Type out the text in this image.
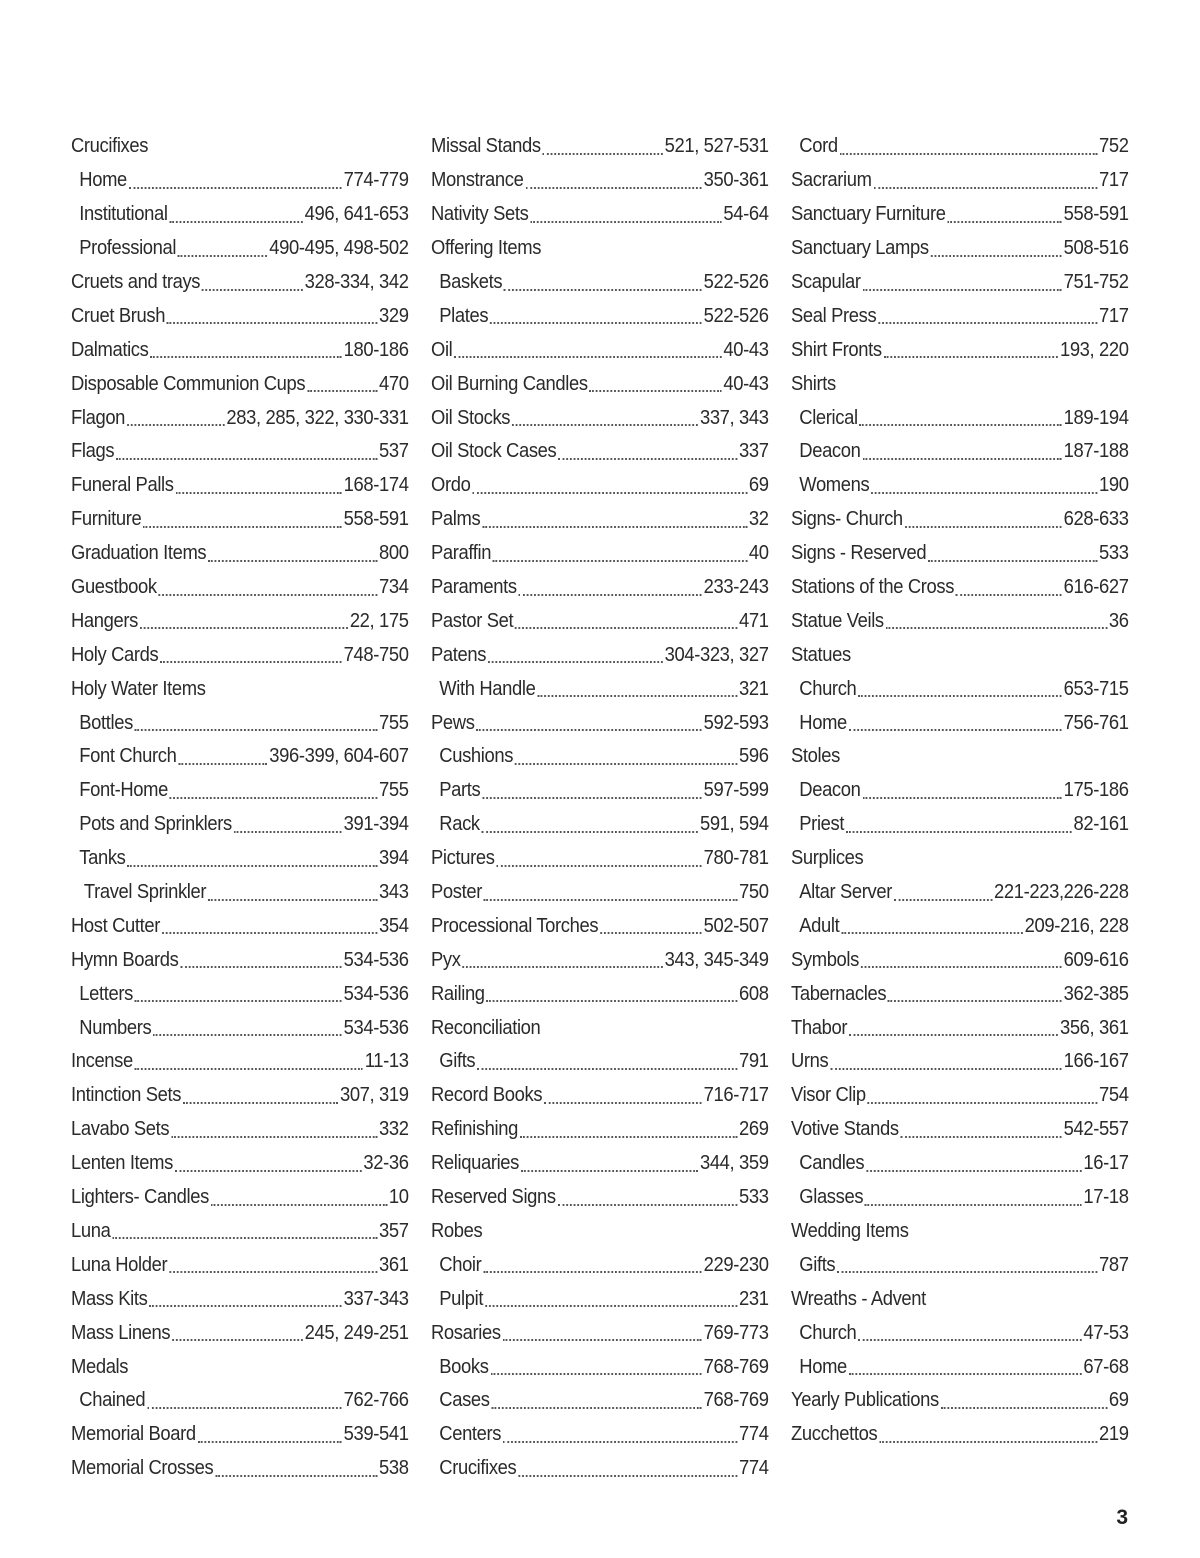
Crucifixes
Home	774-779
Institutional	496, 641-653
Professional	490-495, 498-502
Cruets and trays	328-334, 342
Cruet Brush	329
Dalmatics	180-186
Disposable Communion Cups	470
Flagon	283, 285, 322, 330-331
Flags	537
Funeral Palls	168-174
Furniture	558-591
Graduation Items	800
Guestbook	734
Hangers	22, 175
Holy Cards	748-750
Holy Water Items
Bottles	755
Font Church	396-399, 604-607
Font-Home	755
Pots and Sprinklers	391-394
Tanks	394
Travel Sprinkler	343
Host Cutter	354
Hymn Boards	534-536
Letters	534-536
Numbers	534-536
Incense	11-13
Intinction Sets	307, 319
Lavabo Sets	332
Lenten Items	32-36
Lighters- Candles	10
Luna	357
Luna Holder	361
Mass Kits	337-343
Mass Linens	245, 249-251
Medals
Chained	762-766
Memorial Board	539-541
Memorial Crosses	538
Missal Stands	521, 527-531
Monstrance	350-361
Nativity Sets	54-64
Offering Items
Baskets	522-526
Plates	522-526
Oil	40-43
Oil Burning Candles	40-43
Oil Stocks	337, 343
Oil Stock Cases	337
Ordo	69
Palms	32
Paraffin	40
Paraments	233-243
Pastor Set	471
Patens	304-323, 327
With Handle	321
Pews	592-593
Cushions	596
Parts	597-599
Rack	591, 594
Pictures	780-781
Poster	750
Processional Torches	502-507
Pyx	343, 345-349
Railing	608
Reconciliation
Gifts	791
Record Books	716-717
Refinishing	269
Reliquaries	344, 359
Reserved Signs	533
Robes
Choir	229-230
Pulpit	231
Rosaries	769-773
Books	768-769
Cases	768-769
Centers	774
Crucifixes	774
Cord	752
Sacrarium	717
Sanctuary Furniture	558-591
Sanctuary Lamps	508-516
Scapular	751-752
Seal Press	717
Shirt Fronts	193, 220
Shirts
Clerical	189-194
Deacon	187-188
Womens	190
Signs- Church	628-633
Signs - Reserved	533
Stations of the Cross	616-627
Statue Veils	36
Statues
Church	653-715
Home	756-761
Stoles
Deacon	175-186
Priest	82-161
Surplices
Altar Server	221-223,226-228
Adult	209-216, 228
Symbols	609-616
Tabernacles	362-385
Thabor	356, 361
Urns	166-167
Visor Clip	754
Votive Stands	542-557
Candles	16-17
Glasses	17-18
Wedding Items
Gifts	787
Wreaths - Advent
Church	47-53
Home	67-68
Yearly Publications	69
Zucchettos	219
3
